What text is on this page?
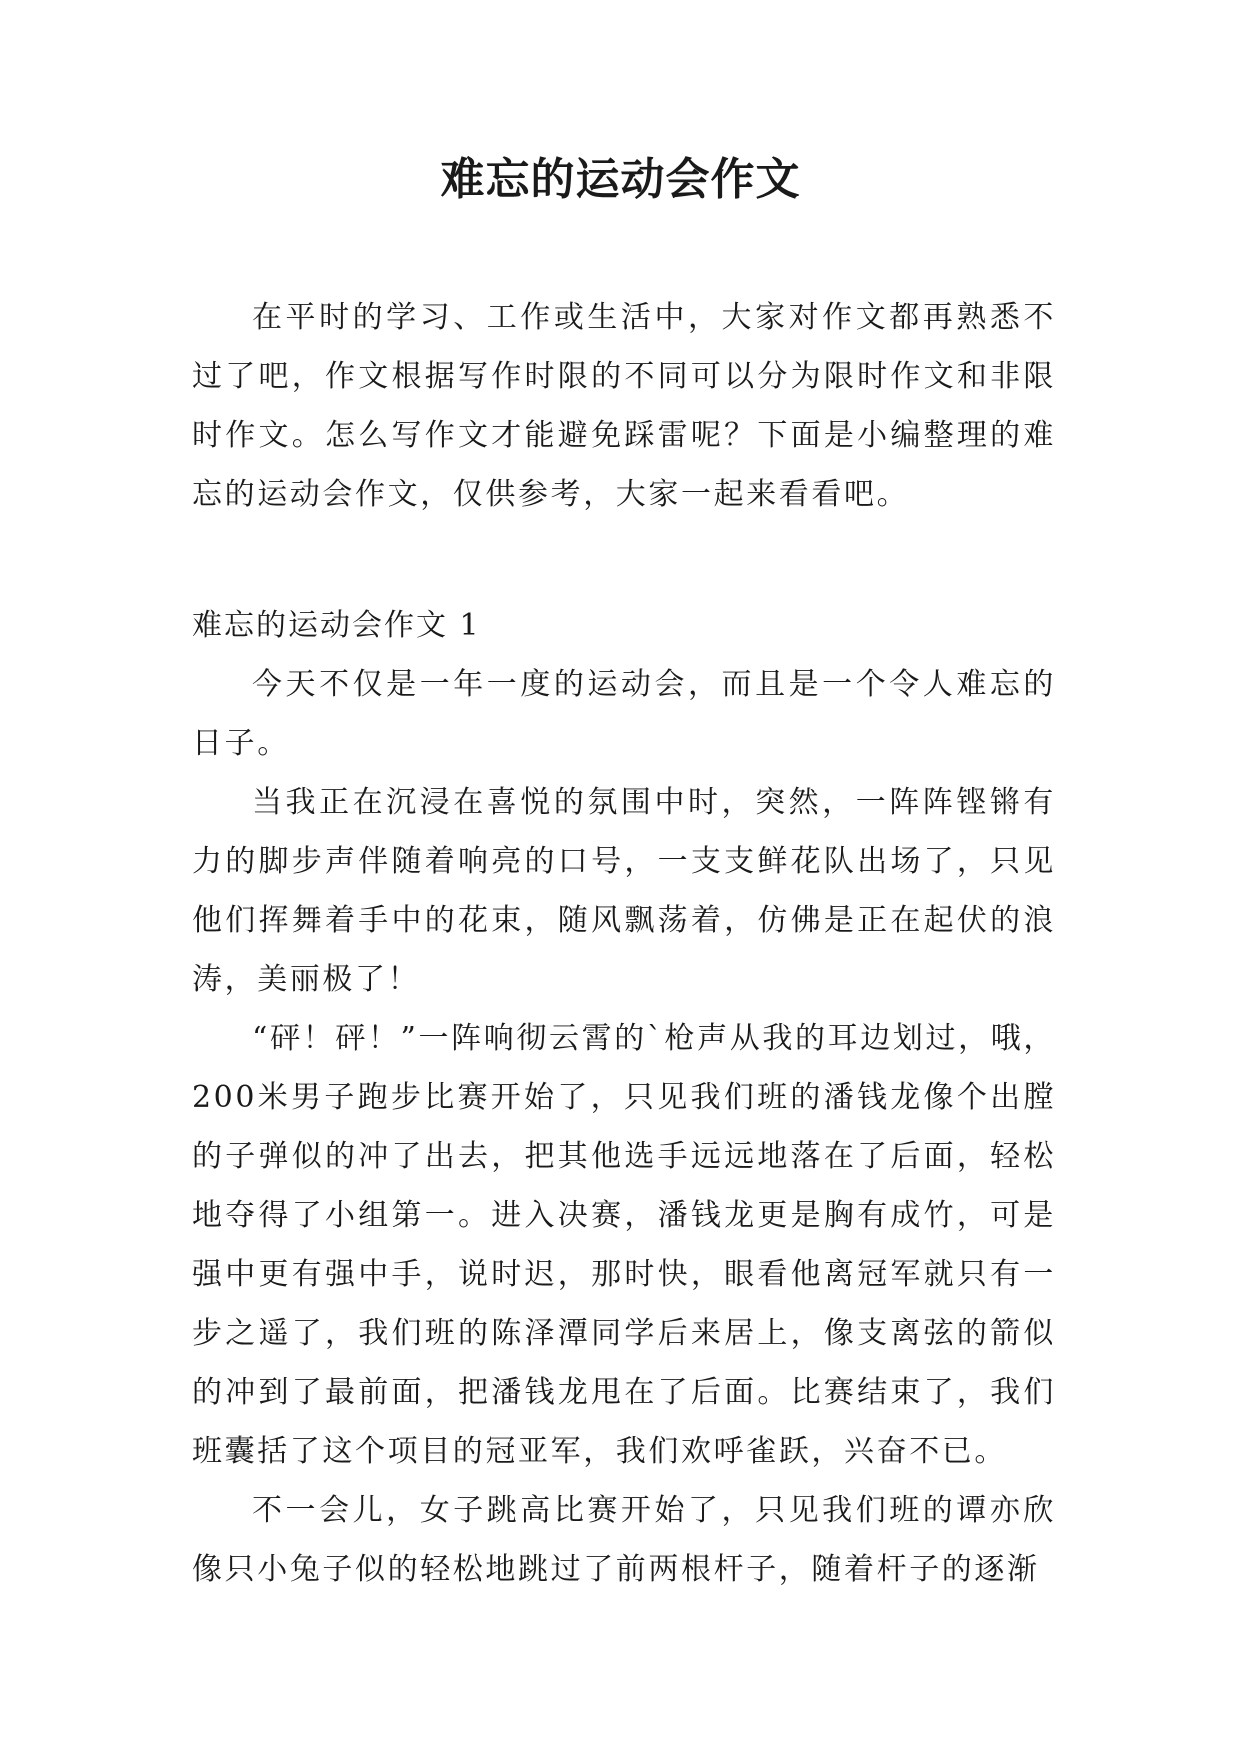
难忘的运动会作文

在平时的学习、工作或生活中，大家对作文都再熟悉不过了吧，作文根据写作时限的不同可以分为限时作文和非限时作文。怎么写作文才能避免踩雷呢？下面是小编整理的难忘的运动会作文，仅供参考，大家一起来看看吧。

难忘的运动会作文 1

今天不仅是一年一度的运动会，而且是一个令人难忘的日子。

当我正在沉浸在喜悦的氛围中时，突然，一阵阵铿锵有力的脚步声伴随着响亮的口号，一支支鲜花队出场了，只见他们挥舞着手中的花束，随风飘荡着，仿佛是正在起伏的浪涛，美丽极了！

“砰！砰！”一阵响彻云霄的`枪声从我的耳边划过，哦，200米男子跑步比赛开始了，只见我们班的潘钱龙像个出膛的子弹似的冲了出去，把其他选手远远地落在了后面，轻松地夺得了小组第一。进入决赛，潘钱龙更是胸有成竹，可是强中更有强中手，说时迟，那时快，眼看他离冠军就只有一步之遥了，我们班的陈泽潭同学后来居上，像支离弦的箭似的冲到了最前面，把潘钱龙甩在了后面。比赛结束了，我们班囊括了这个项目的冠亚军，我们欢呼雀跃，兴奋不已。

不一会儿，女子跳高比赛开始了，只见我们班的谭亦欣像只小兔子似的轻松地跳过了前两根杆子，随着杆子的逐渐
